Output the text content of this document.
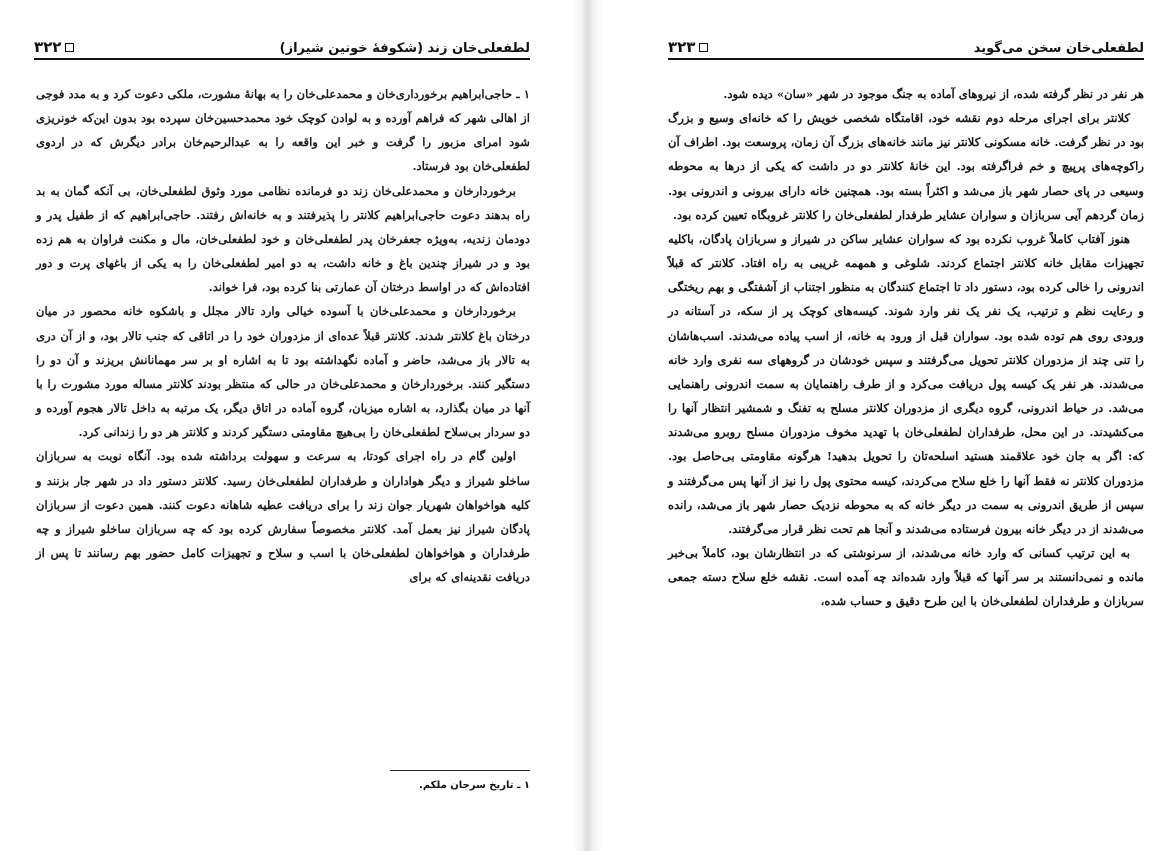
لطفعلی‌خان زند (شکوفهٔ خونین شیراز)
۳۲۲

۱ ـ حاجی‌ابراهیم برخورداری‌خان و محمدعلی‌خان را به بهانهٔ مشورت، ملکی دعوت کرد و به مدد فوجی از اهالی شهر که فراهم آورده و به لوادن کوچک خود محمدحسین‌خان سپرده بود بدون این‌که خونریزی شود امرای مزبور را گرفت و خبر این واقعه را به عبدالرحیم‌خان برادر دیگرش که در اردوی لطفعلی‌خان بود فرستاد.

برخوردارخان و محمدعلی‌خان زند دو فرمانده نظامی مورد وثوق لطفعلی‌خان، بی آنکه گمان به بد راه بدهند دعوت حاجی‌ابراهیم کلانتر را پذیرفتند و به خانه‌اش رفتند. حاجی‌ابراهیم که از طفیل پدر و دودمان زندیه، به‌ویژه جعفرخان پدر لطفعلی‌خان و خود لطفعلی‌خان، مال و مکنت فراوان به هم زده بود و در شیراز چندین باغ و خانه داشت، به دو امیر لطفعلی‌خان را به یکی از باغهای پرت و دور افتاده‌اش که در اواسط درختان آن عمارتی بنا کرده بود، فرا خواند.

برخوردارخان و محمدعلی‌خان با آسوده خیالی وارد تالار مجلل و باشکوه خانه محصور در میان درختان باغ کلانتر شدند. کلانتر قبلاً عده‌ای از مزدوران خود را در اتاقی که جنب تالار بود، و از آن دری به تالار باز می‌شد، حاضر و آماده نگهداشته بود تا به اشاره او بر سر مهمانانش بریزند و آن دو را دستگیر کنند. برخوردارخان و محمدعلی‌خان در حالی که منتظر بودند کلانتر مساله مورد مشورت را با آنها در میان بگذارد، به اشاره میزبان، گروه آماده در اتاق دیگر، یک مرتبه به داخل تالار هجوم آورده و دو سردار بی‌سلاح لطفعلی‌خان را بی‌هیچ مقاومتی دستگیر کردند و کلانتر هر دو را زندانی کرد.

اولین گام در راه اجرای کودتا، به سرعت و سهولت برداشته شده بود. آنگاه نوبت به سربازان ساخلو شیراز و دیگر هواداران و طرفداران لطفعلی‌خان رسید. کلانتر دستور داد در شهر جار بزنند و کلیه هواخواهان شهریار جوان زند را برای دریافت عطیه شاهانه دعوت کنند. همین دعوت از سربازان پادگان شیراز نیز بعمل آمد. کلانتر مخصوصاً سفارش کرده بود که چه سربازان ساخلو شیراز و چه طرفداران و هواخواهان لطفعلی‌خان با اسب و سلاح و تجهیزات کامل حضور بهم رسانند تا پس از دریافت نقدینه‌ای که برای

۱ ـ تاریخ سرجان ملکم.
لطفعلی‌خان سخن می‌گوید
۳۲۳

هر نفر در نظر گرفته شده، از نیروهای آماده به جنگ موجود در شهر «سان» دیده شود.

کلانتر برای اجرای مرحله دوم نقشه خود، اقامتگاه شخصی خویش را که خانه‌ای وسیع و بزرگ بود در نظر گرفت. خانه مسکونی کلانتر نیز مانند خانه‌های بزرگ آن زمان، پروسعت بود. اطراف آن راکوچه‌های پرپیچ و خم فراگرفته بود. این خانهٔ کلانتر دو در داشت که یکی از درها به محوطه وسیعی در پای حصار شهر باز می‌شد و اکثراً بسته بود. همچنین خانه دارای بیرونی و اندرونی بود. زمان گردهم آیی سربازان و سواران عشایر طرفدار لطفعلی‌خان را کلانتر غروبگاه تعیین کرده بود.

هنوز آفتاب کاملاً غروب نکرده بود که سواران عشایر ساکن در شیراز و سربازان پادگان، باکلیه تجهیزات مقابل خانه کلانتر اجتماع کردند. شلوغی و همهمه غریبی به راه افتاد. کلانتر که قبلاً اندرونی را خالی کرده بود، دستور داد تا اجتماع کنندگان به منظور اجتناب از آشفتگی و بهم ریختگی و رعایت نظم و ترتیب، یک نفر یک نفر وارد شوند. کیسه‌های کوچک پر از سکه، در آستانه در ورودی روی هم توده شده بود. سواران قبل از ورود به خانه، از اسب پیاده می‌شدند. اسب‌هاشان را تنی چند از مزدوران کلانتر تحویل می‌گرفتند و سپس خودشان در گروههای سه نفری وارد خانه می‌شدند. هر نفر یک کیسه پول دریافت می‌کرد و از طرف راهنمایان به سمت اندرونی راهنمایی می‌شد. در حیاط اندرونی، گروه دیگری از مزدوران کلانتر مسلح به تفنگ و شمشیر انتظار آنها را می‌کشیدند. در این محل، طرفداران لطفعلی‌خان با تهدید مخوف مزدوران مسلح روبرو می‌شدند که: اگر به جان خود علاقمند هستید اسلحه‌تان را تحویل بدهید! هرگونه مقاومتی بی‌حاصل بود. مزدوران کلانتر نه فقط آنها را خلع سلاح می‌کردند، کیسه محتوی پول را نیز از آنها پس می‌گرفتند و سپس از طریق اندرونی به سمت در دیگر خانه که به محوطه نزدیک حصار شهر باز می‌شد، رانده می‌شدند از در دیگر خانه بیرون فرستاده می‌شدند و آنجا هم تحت نظر قرار می‌گرفتند.

به این ترتیب کسانی که وارد خانه می‌شدند، از سرنوشتی که در انتظارشان بود، کاملاً بی‌خبر مانده و نمی‌دانستند بر سر آنها که قبلاً وارد شده‌اند چه آمده است. نقشه خلع سلاح دسته جمعی سربازان و طرفداران لطفعلی‌خان با این طرح دقیق و حساب شده،
